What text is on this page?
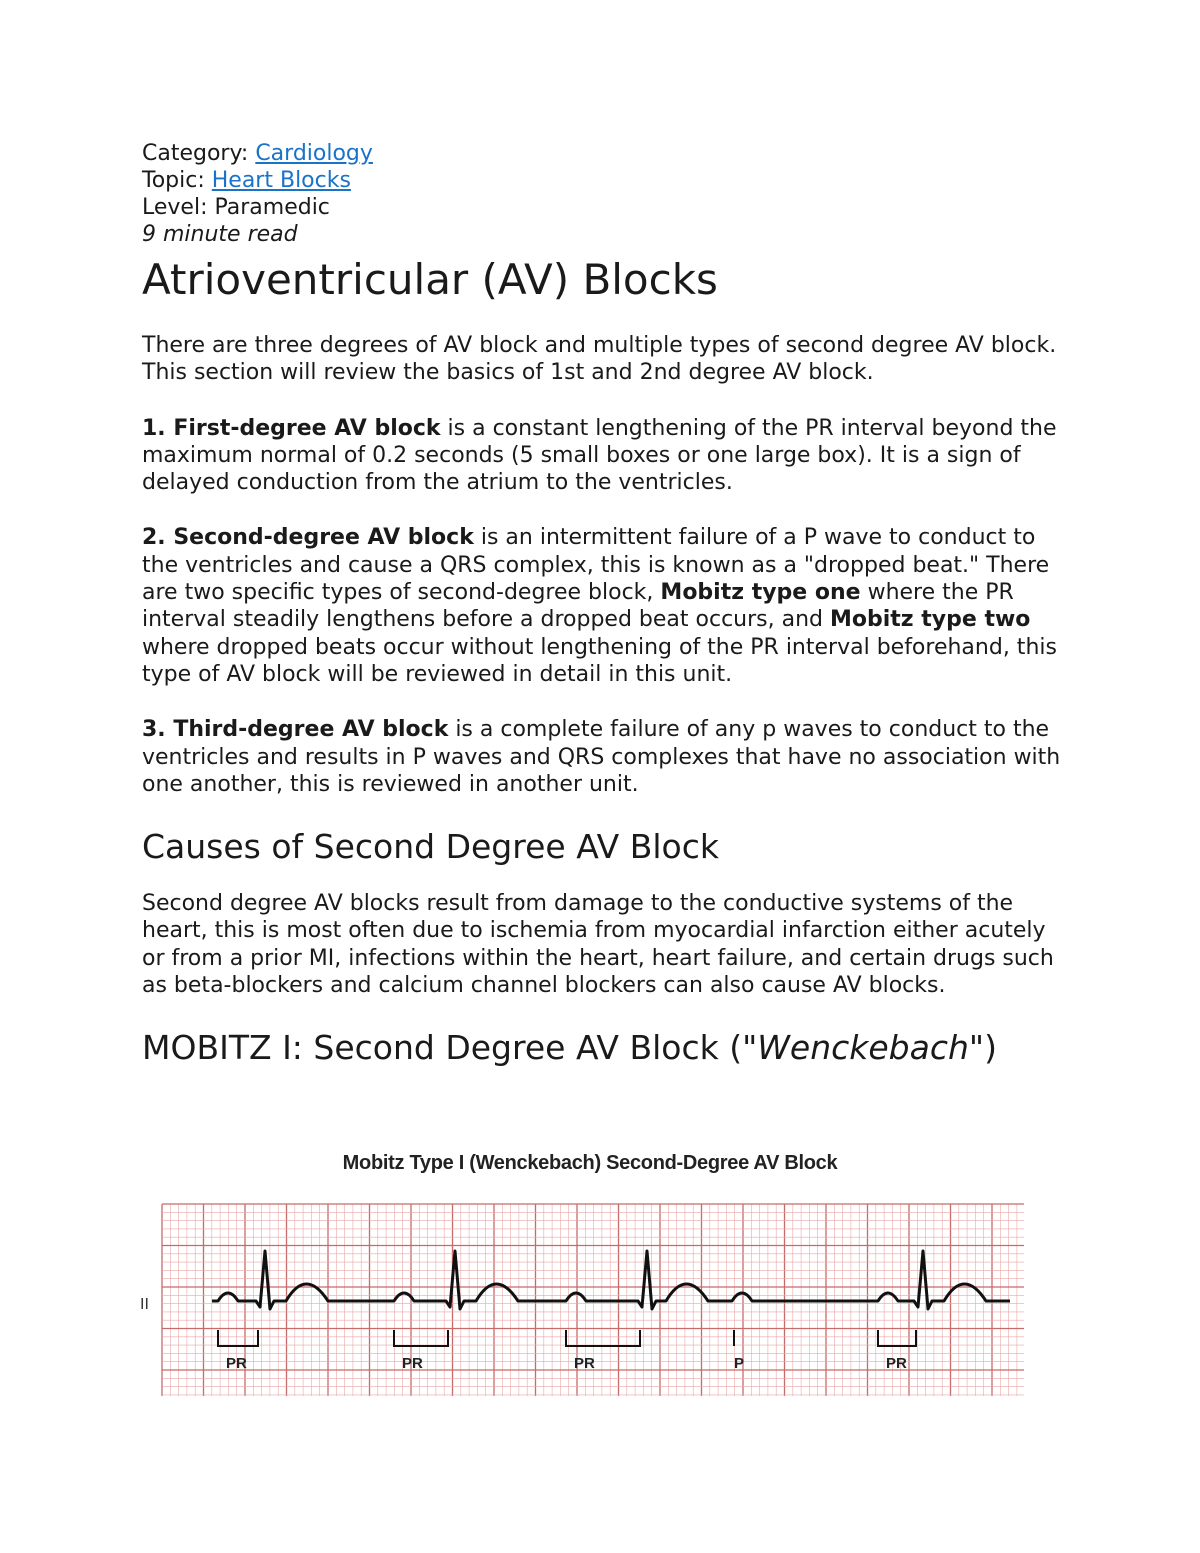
Category: Cardiology
Topic: Heart Blocks
Level: Paramedic
9 minute read
Atrioventricular (AV) Blocks

There are three degrees of AV block and multiple types of second degree AV block. This section will review the basics of 1st and 2nd degree AV block.

1. First-degree AV block is a constant lengthening of the PR interval beyond the maximum normal of 0.2 seconds (5 small boxes or one large box). It is a sign of delayed conduction from the atrium to the ventricles.

2. Second-degree AV block is an intermittent failure of a P wave to conduct to the ventricles and cause a QRS complex, this is known as a "dropped beat." There are two specific types of second-degree block, Mobitz type one where the PR interval steadily lengthens before a dropped beat occurs, and Mobitz type two where dropped beats occur without lengthening of the PR interval beforehand, this type of AV block will be reviewed in detail in this unit.

3. Third-degree AV block is a complete failure of any p waves to conduct to the ventricles and results in P waves and QRS complexes that have no association with one another, this is reviewed in another unit.

Causes of Second Degree AV Block

Second degree AV blocks result from damage to the conductive systems of the heart, this is most often due to ischemia from myocardial infarction either acutely or from a prior MI, infections within the heart, heart failure, and certain drugs such as beta-blockers and calcium channel blockers can also cause AV blocks.

MOBITZ I: Second Degree AV Block ("Wenckebach")
Mobitz Type I (Wenckebach) Second-Degree AV Block
II
PR	PR	PR	P	PR
